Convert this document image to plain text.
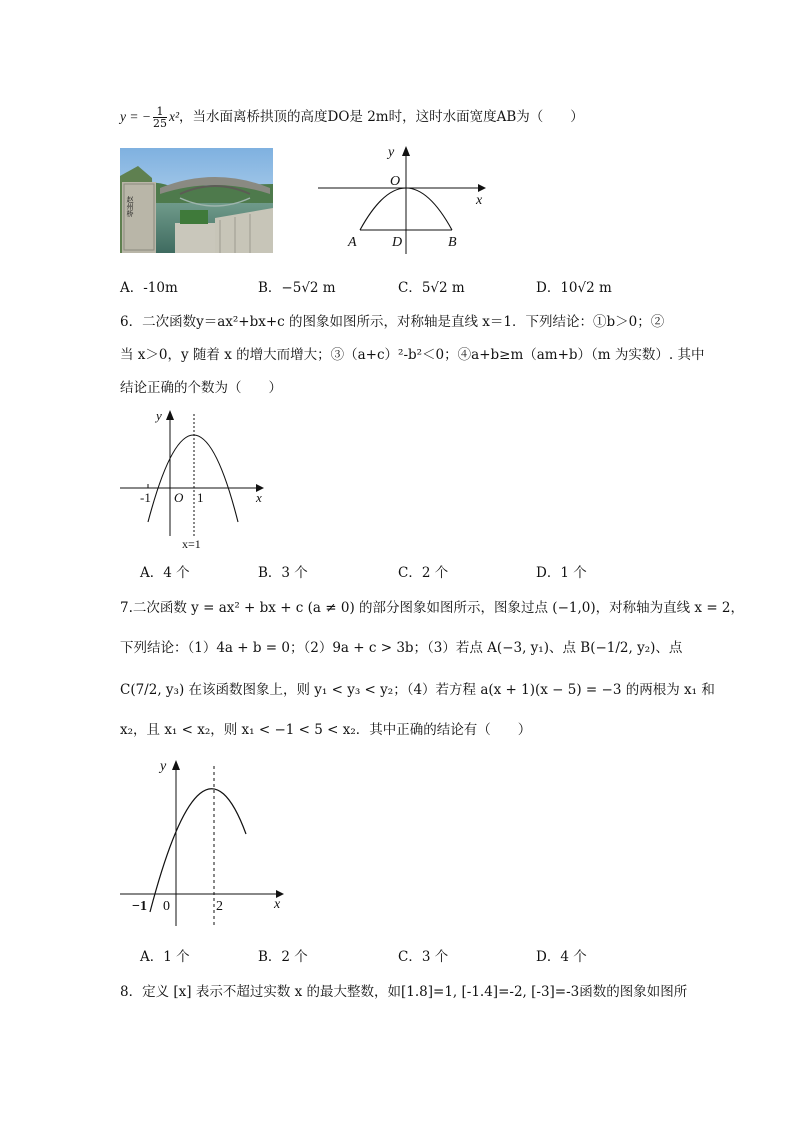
y = − $\frac{1}{25} x^2$，当水面离桥拱顶的高度DO是 2m时，这时水面宽度AB为（　　）
赵州桥
y
x
O
A	D	B
A．-10m	B．−5√2 m	C．5√2 m	D．10√2 m
6．二次函数y＝ax²+bx+c 的图象如图所示，对称轴是直线 x＝1．下列结论：①b＞0；②
当 x＞0，y 随着 x 的增大而增大；③（a+c）²-b²＜0；④a+b≥m（am+b）（m 为实数）. 其中
结论正确的个数为（　　）
y
x
-1 O 1
x=1
A．4 个	B．3 个	C．2 个	D．1 个
7.二次函数 y = ax² + bx + c (a ≠ 0) 的部分图象如图所示，图象过点 (−1,0)，对称轴为直线 x = 2，
下列结论：（1）4a + b = 0；（2）9a + c > 3b；（3）若点 A(−3, y₁)、点 B(−1/2, y₂)、点
C(7/2, y₃) 在该函数图象上，则 y₁ < y₃ < y₂；（4）若方程 a(x + 1)(x − 5) = −3 的两根为 x₁ 和
x₂，且 x₁ < x₂，则 x₁ < −1 < 5 < x₂．其中正确的结论有（　　）
y
x
−1 0	2
A．1 个	B．2 个	C．3 个	D．4 个
8．定义 [x] 表示不超过实数 x 的最大整数，如[1.8]=1, [-1.4]=-2, [-3]=-3函数的图象如图所
